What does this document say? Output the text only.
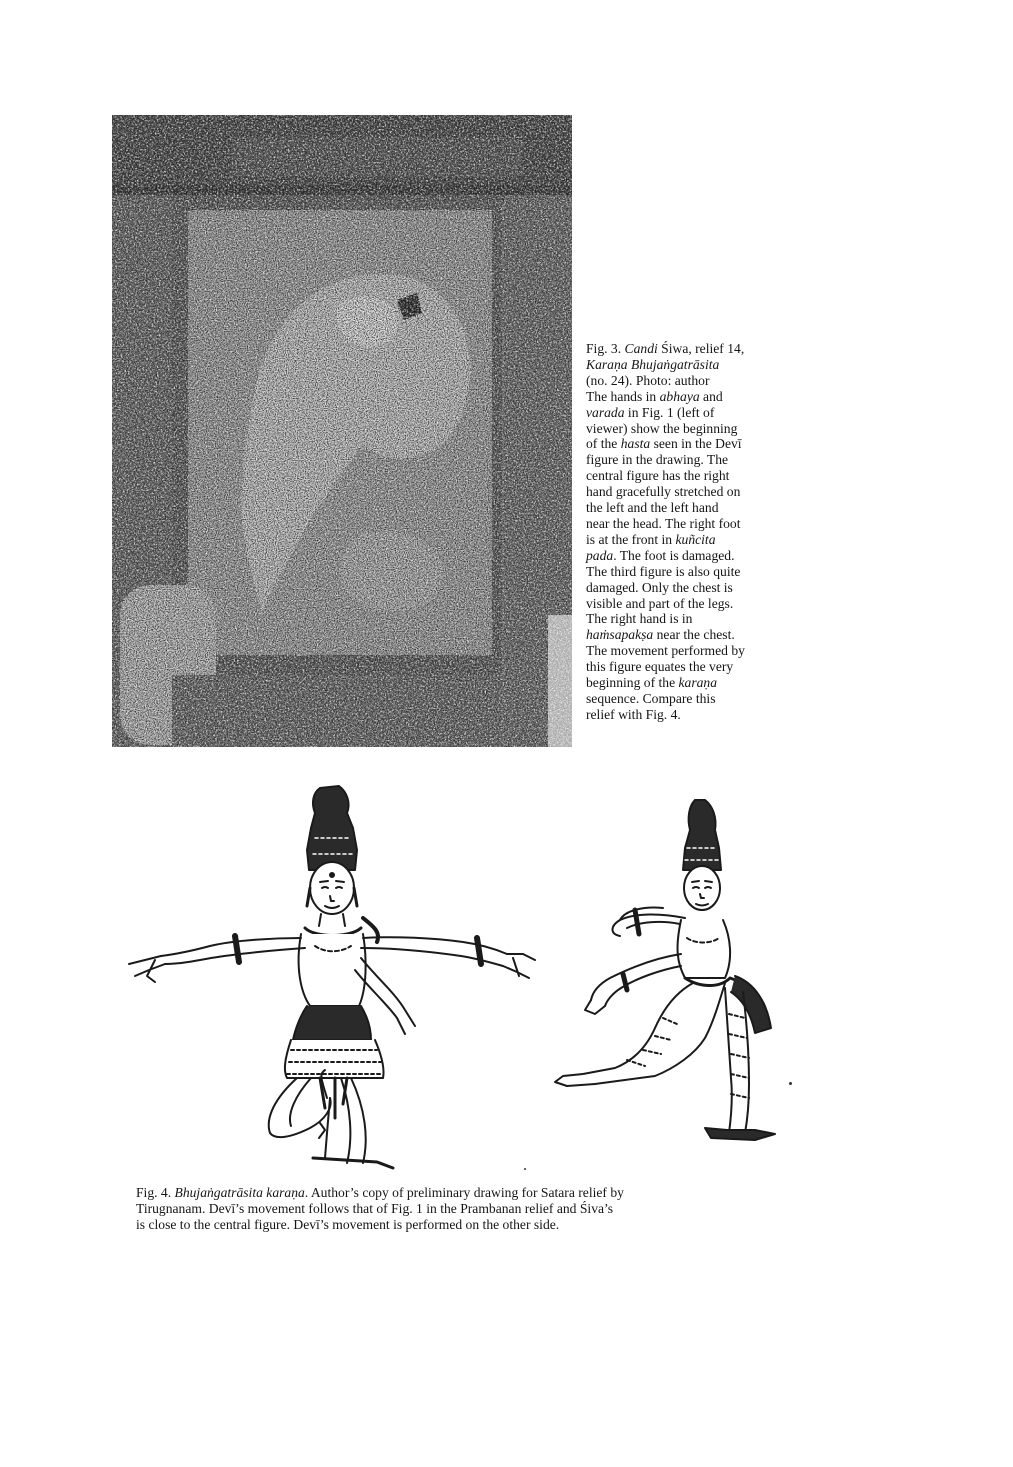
Fig. 3. Candi Śiwa, relief 14,
Karaṇa Bhujaṅgatrāsita
(no. 24). Photo: author
The hands in abhaya and
varada in Fig. 1 (left of
viewer) show the beginning
of the hasta seen in the Devī
figure in the drawing. The
central figure has the right
hand gracefully stretched on
the left and the left hand
near the head. The right foot
is at the front in kuñcita
pada. The foot is damaged.
The third figure is also quite
damaged. Only the chest is
visible and part of the legs.
The right hand is in
haṁsapakṣa near the chest.
The movement performed by
this figure equates the very
beginning of the karaṇa
sequence. Compare this
relief with Fig. 4.
Fig. 4. Bhujaṅgatrāsita karaṇa. Author’s copy of preliminary drawing for Satara relief by
Tirugnanam. Devī’s movement follows that of Fig. 1 in the Prambanan relief and Śiva’s
is close to the central figure. Devī’s movement is performed on the other side.
